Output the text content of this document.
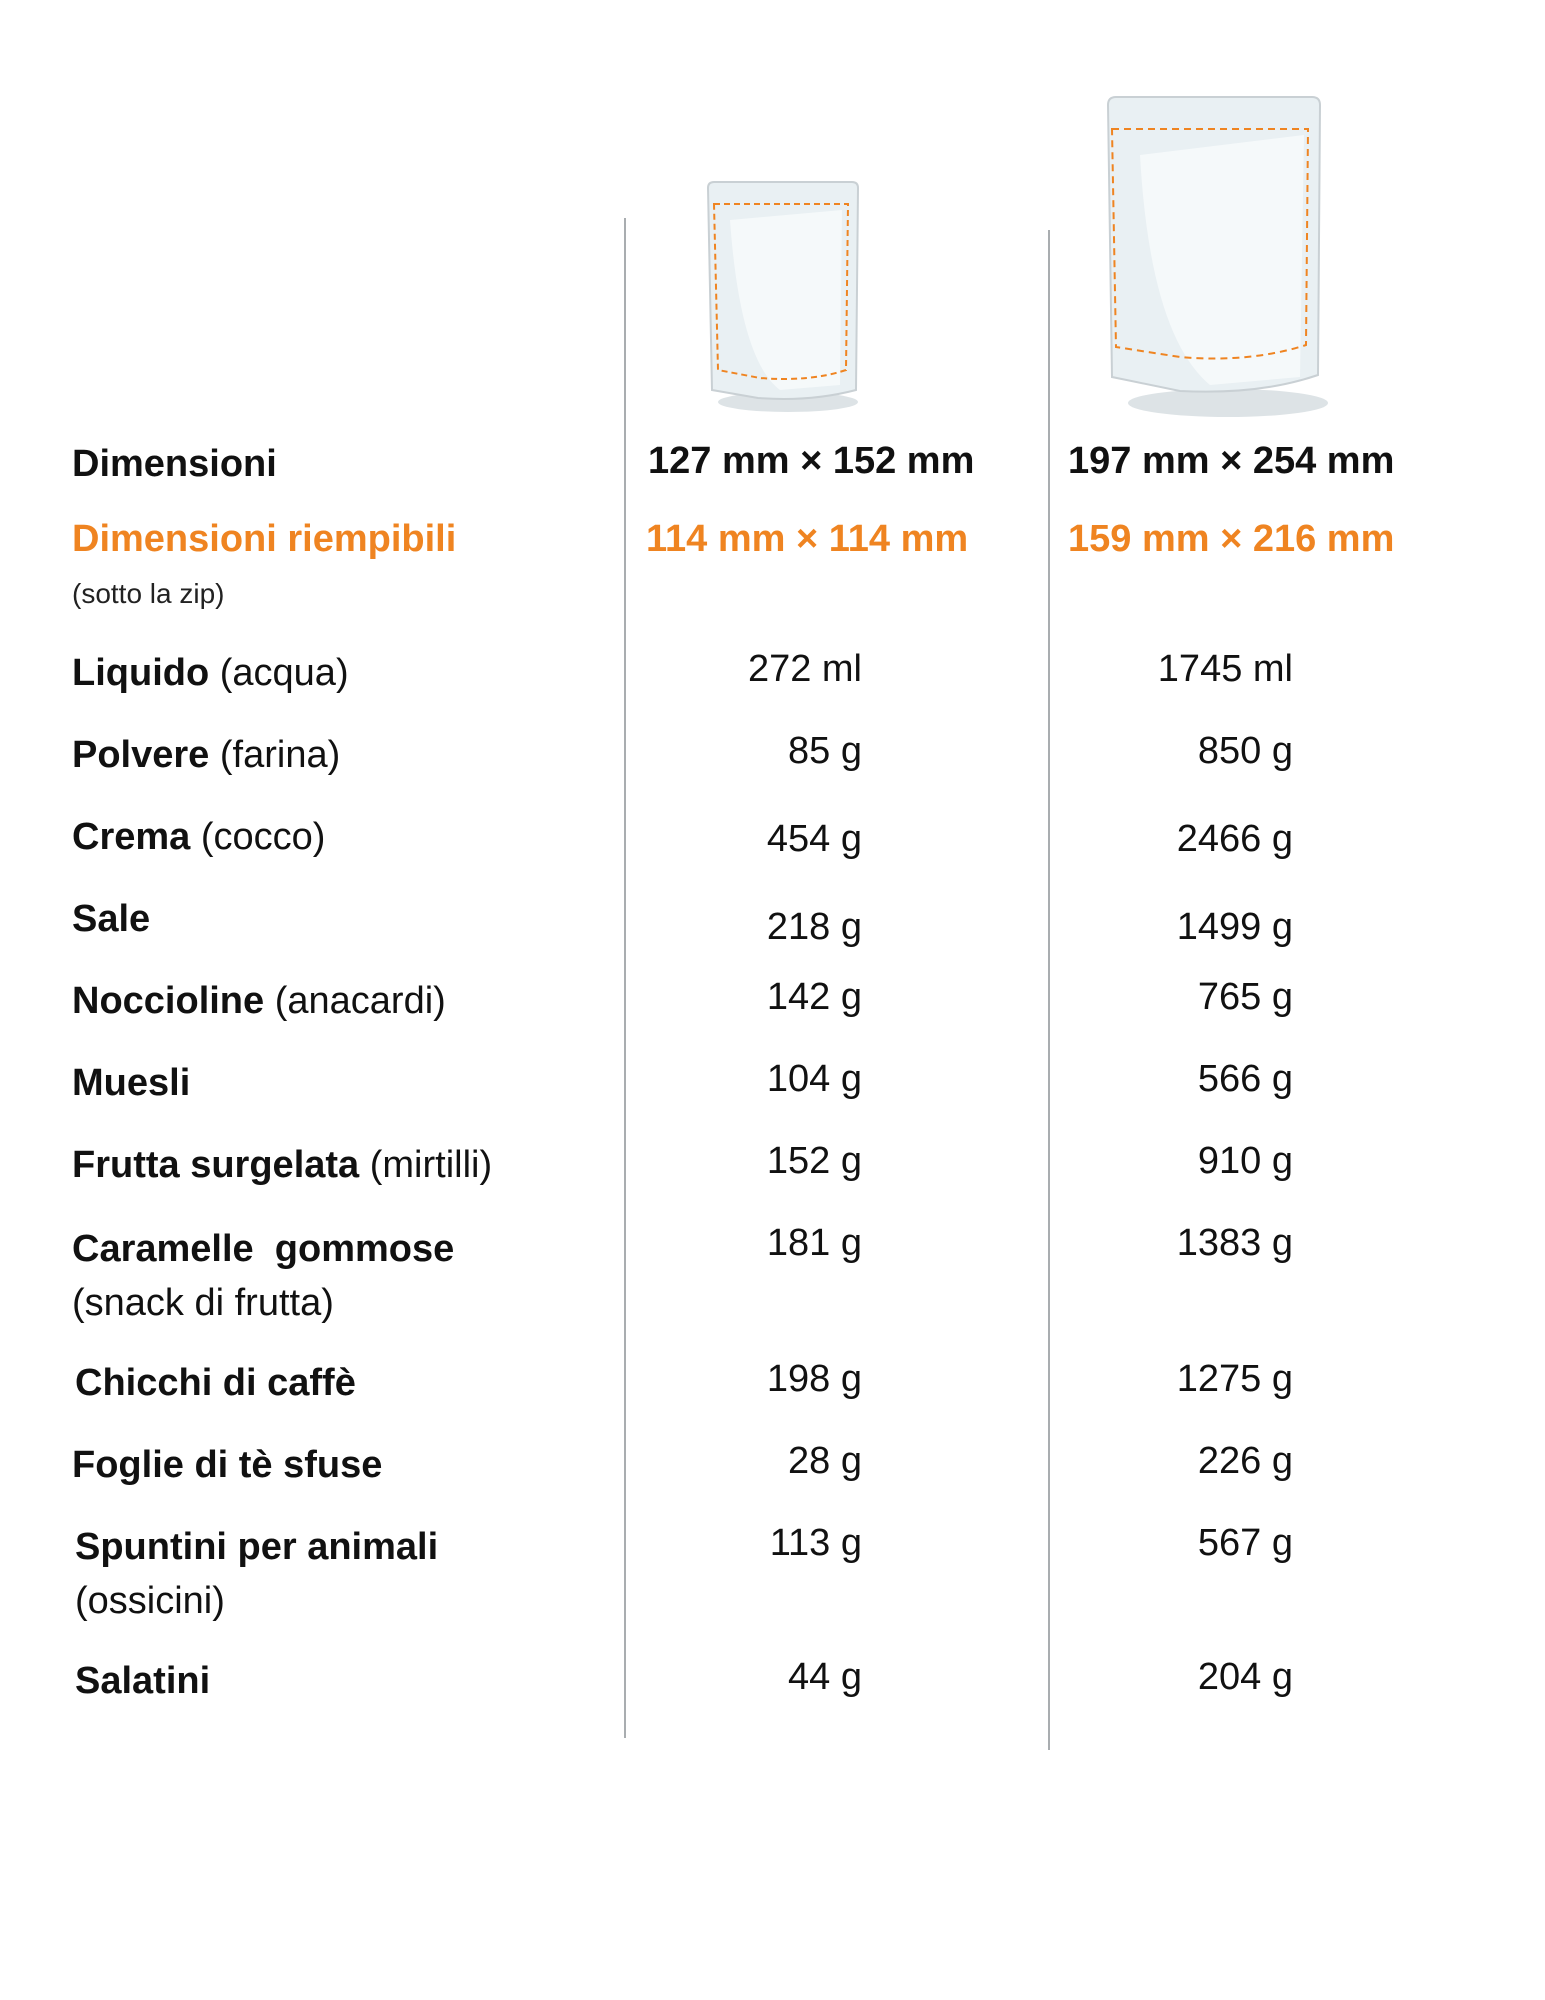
Dimensioni	127 mm × 152 mm 197 mm × 254 mm
Dimensioni riempibili	114 mm × 114 mm	159 mm × 216 mm
(sotto la zip)
Liquido (acqua)	272 ml	1745 ml
Polvere (farina)	85 g	850 g
Crema (cocco)	454 g	2466 g
Sale	218 g	1499 g
Noccioline (anacardi)	142 g	765 g
Muesli	104 g	566 g
Frutta surgelata (mirtilli)	152 g	910 g
Caramelle  gommose
(snack di frutta)
181 g	1383 g
Chicchi di caffè	198 g	1275 g
Foglie di tè sfuse	28 g	226 g
Spuntini per animali
(ossicini)
113 g	567 g
Salatini	44 g	204 g
